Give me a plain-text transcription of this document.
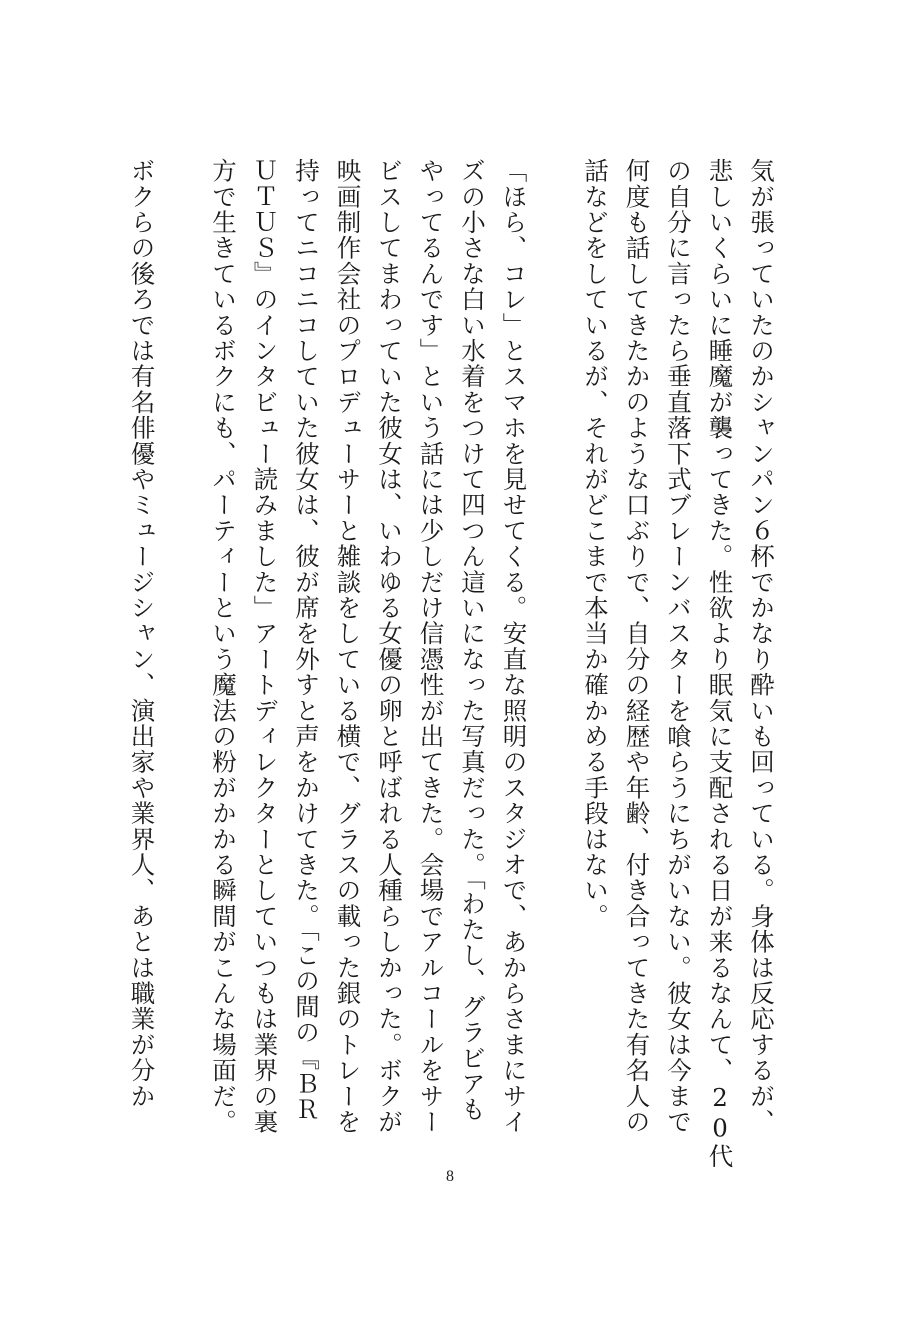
気が張っていたのかシャンパン６杯でかなり酔いも回っている。身体は反応するが、
悲しいくらいに睡魔が襲ってきた。性欲より眠気に支配される日が来るなんて、20代
の自分に言ったら垂直落下式ブレーンバスターを喰らうにちがいない。彼女は今まで
何度も話してきたかのような口ぶりで、自分の経歴や年齢、付き合ってきた有名人の
話などをしているが、それがどこまで本当か確かめる手段はない。
「ほら、コレ」とスマホを見せてくる。安直な照明のスタジオで、あからさまにサイ
ズの小さな白い水着をつけて四つん這いになった写真だった。「わたし、グラビアも
やってるんです」という話には少しだけ信憑性が出てきた。会場でアルコールをサー
ビスしてまわっていた彼女は、いわゆる女優の卵と呼ばれる人種らしかった。ボクが
映画制作会社のプロデューサーと雑談をしている横で、グラスの載った銀のトレーを
持ってニコニコしていた彼女は、彼が席を外すと声をかけてきた。「この間の『ＢＲ
ＵＴＵＳ』のインタビュー読みました」アートディレクターとしていつもは業界の裏
方で生きているボクにも、パーティーという魔法の粉がかかる瞬間がこんな場面だ。
ボクらの後ろでは有名俳優やミュージシャン、演出家や業界人、あとは職業が分か
8
